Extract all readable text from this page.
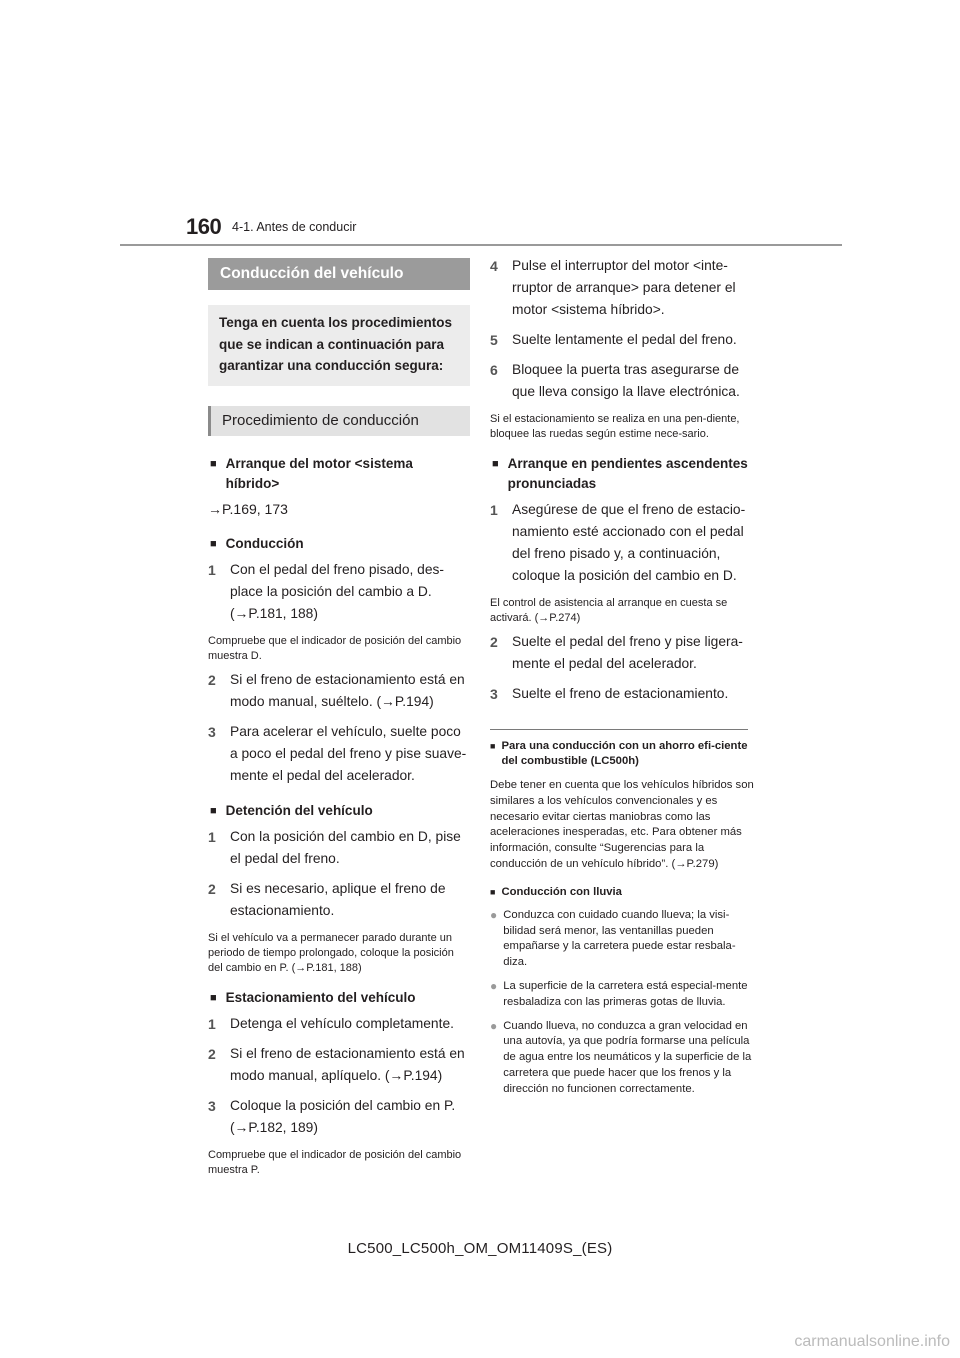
160 4-1. Antes de conducir
Conducción del vehículo
Tenga en cuenta los procedimientos que se indican a continuación para garantizar una conducción segura:
Procedimiento de conducción
■ Arranque del motor <sistema híbrido>
→P.169, 173
■ Conducción
1	Con el pedal del freno pisado, des-place la posición del cambio a D. (→P.181, 188)
Compruebe que el indicador de posición del cambio muestra D.
2	Si el freno de estacionamiento está en modo manual, suéltelo. (→P.194)
3	Para acelerar el vehículo, suelte poco a poco el pedal del freno y pise suave-mente el pedal del acelerador.
■ Detención del vehículo
1	Con la posición del cambio en D, pise el pedal del freno.
2	Si es necesario, aplique el freno de estacionamiento.
Si el vehículo va a permanecer parado durante un periodo de tiempo prolongado, coloque la posición del cambio en P. (→P.181, 188)
■ Estacionamiento del vehículo
1	Detenga el vehículo completamente.
2	Si el freno de estacionamiento está en modo manual, aplíquelo. (→P.194)
3	Coloque la posición del cambio en P. (→P.182, 189)
Compruebe que el indicador de posición del cambio muestra P.
4	Pulse el interruptor del motor <inte-rruptor de arranque> para detener el motor <sistema híbrido>.
5	Suelte lentamente el pedal del freno.
6	Bloquee la puerta tras asegurarse de que lleva consigo la llave electrónica.
Si el estacionamiento se realiza en una pen-diente, bloquee las ruedas según estime nece-sario.
■ Arranque en pendientes ascendentes pronunciadas
1	Asegúrese de que el freno de estacio-namiento esté accionado con el pedal del freno pisado y, a continuación, coloque la posición del cambio en D.
El control de asistencia al arranque en cuesta se activará. (→P.274)
2	Suelte el pedal del freno y pise ligera-mente el pedal del acelerador.
3	Suelte el freno de estacionamiento.
■ Para una conducción con un ahorro efi-ciente del combustible (LC500h)
Debe tener en cuenta que los vehículos híbridos son similares a los vehículos convencionales y es necesario evitar ciertas maniobras como las aceleraciones inesperadas, etc. Para obtener más información, consulte “Sugerencias para la conducción de un vehículo híbrido”. (→P.279)
■ Conducción con lluvia
● Conduzca con cuidado cuando llueva; la visi-bilidad será menor, las ventanillas pueden empañarse y la carretera puede estar resbala-diza.
● La superficie de la carretera está especial-mente resbaladiza con las primeras gotas de lluvia.
● Cuando llueva, no conduzca a gran velocidad en una autovía, ya que podría formarse una película de agua entre los neumáticos y la superficie de la carretera que puede hacer que los frenos y la dirección no funcionen correctamente.
LC500_LC500h_OM_OM11409S_(ES)
carmanualsonline.info
